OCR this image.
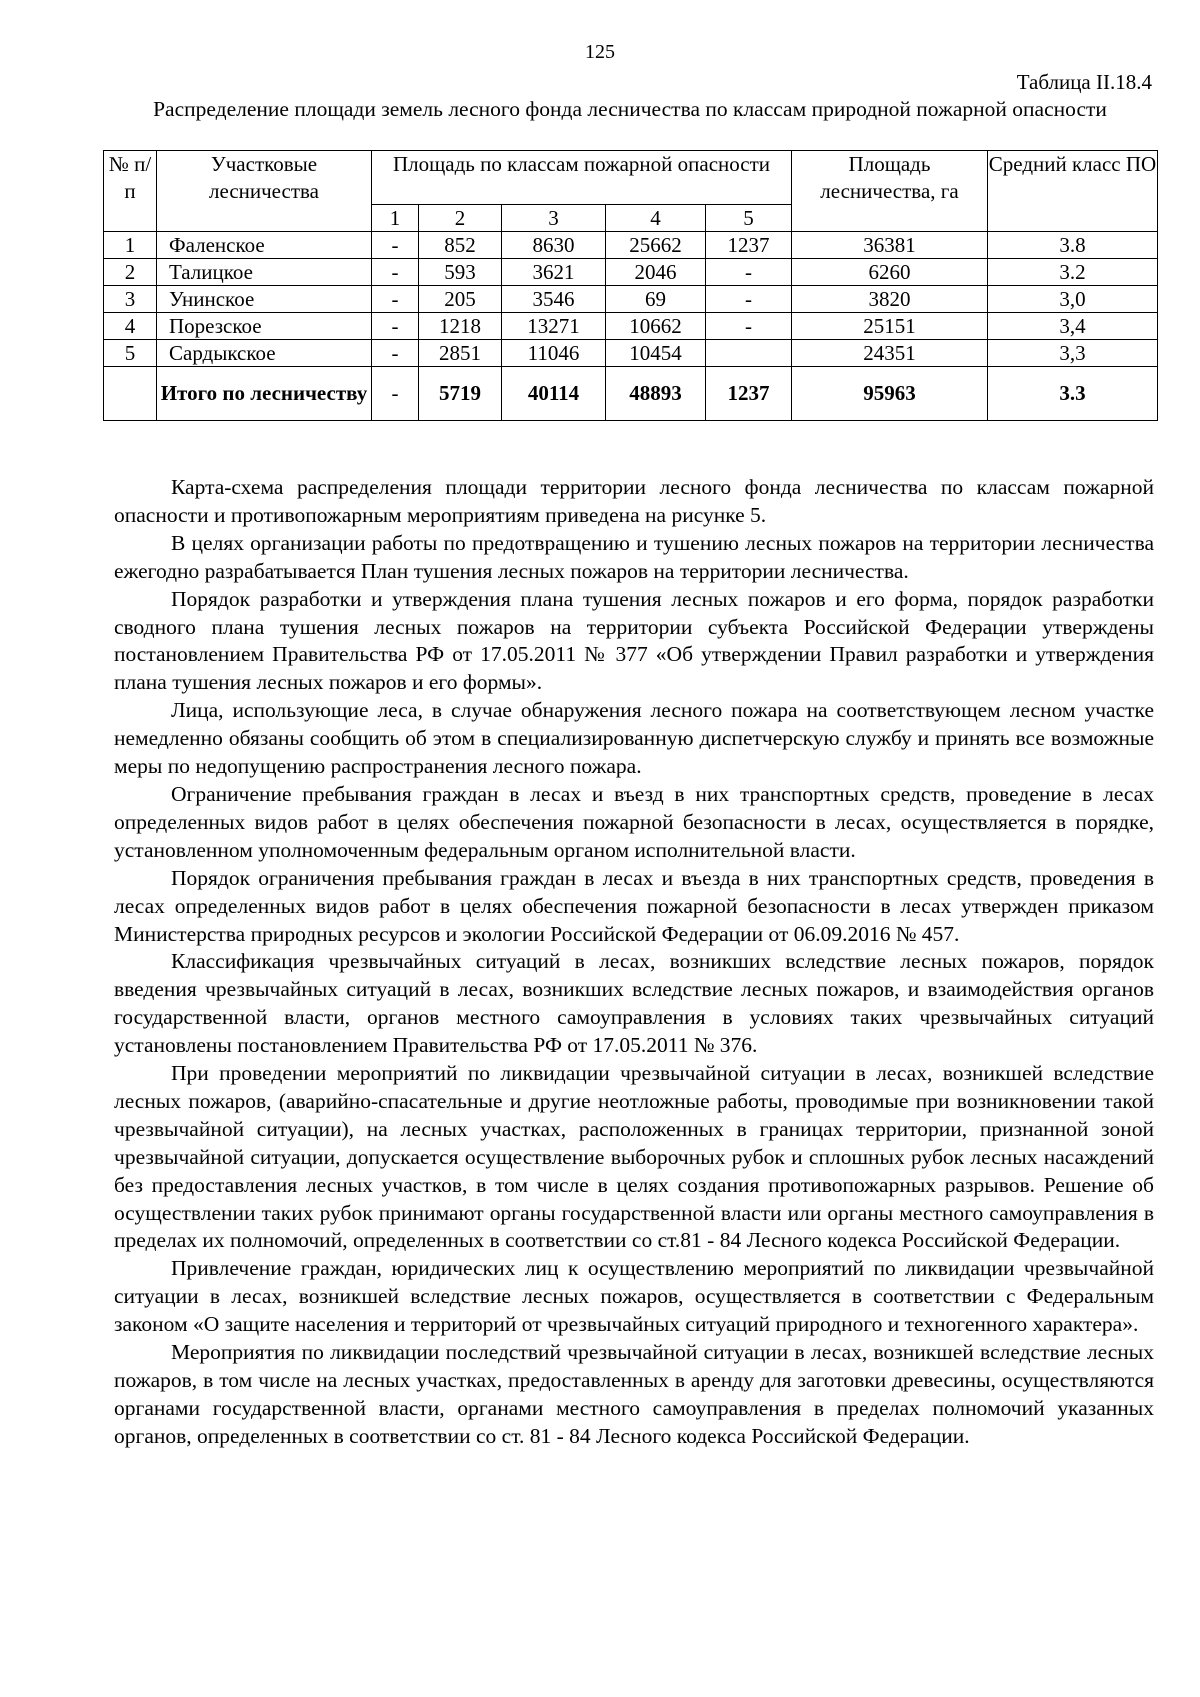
125
Таблица II.18.4
Распределение площади земель лесного фонда лесничества по классам природной пожарной опасности
№ п/п	Участковые лесничества	Площадь по классам пожарной опасности					Площадь лесничества, га	Средний класс ПО
		1	2	3	4	5		
1	Фаленское	-	852	8630	25662	1237	36381	3.8
2	Талицкое	-	593	3621	2046	-	6260	3.2
3	Унинское	-	205	3546	69	-	3820	3,0
4	Порезское	-	1218	13271	10662	-	25151	3,4
5	Сардыкское	-	2851	11046	10454		24351	3,3
	Итого по лесничеству	-	5719	40114	48893	1237	95963	3.3

Карта-схема распределения площади территории лесного фонда лесничества по классам пожарной опасности и противопожарным мероприятиям приведена на рисунке 5.

В целях организации работы по предотвращению и тушению лесных пожаров на территории лесничества ежегодно разрабатывается План тушения лесных пожаров на территории лесничества.

Порядок разработки и утверждения плана тушения лесных пожаров и его форма, порядок разработки сводного плана тушения лесных пожаров на территории субъекта Российской Федерации утверждены постановлением Правительства РФ от 17.05.2011 № 377 «Об утверждении Правил разработки и утверждения плана тушения лесных пожаров и его формы».

Лица, использующие леса, в случае обнаружения лесного пожара на соответствующем лесном участке немедленно обязаны сообщить об этом в специализированную диспетчерскую службу и принять все возможные меры по недопущению распространения лесного пожара.

Ограничение пребывания граждан в лесах и въезд в них транспортных средств, проведение в лесах определенных видов работ в целях обеспечения пожарной безопасности в лесах, осуществляется в порядке, установленном уполномоченным федеральным органом исполнительной власти.

Порядок ограничения пребывания граждан в лесах и въезда в них транспортных средств, проведения в лесах определенных видов работ в целях обеспечения пожарной безопасности в лесах утвержден приказом Министерства природных ресурсов и экологии Российской Федерации от 06.09.2016 № 457.

Классификация чрезвычайных ситуаций в лесах, возникших вследствие лесных пожаров, порядок введения чрезвычайных ситуаций в лесах, возникших вследствие лесных пожаров, и взаимодействия органов государственной власти, органов местного самоуправления в условиях таких чрезвычайных ситуаций установлены постановлением Правительства РФ от 17.05.2011 № 376.

При проведении мероприятий по ликвидации чрезвычайной ситуации в лесах, возникшей вследствие лесных пожаров, (аварийно-спасательные и другие неотложные работы, проводимые при возникновении такой чрезвычайной ситуации), на лесных участках, расположенных в границах территории, признанной зоной чрезвычайной ситуации, допускается осуществление выборочных рубок и сплошных рубок лесных насаждений без предоставления лесных участков, в том числе в целях создания противопожарных разрывов. Решение об осуществлении таких рубок принимают органы государственной власти или органы местного самоуправления в пределах их полномочий, определенных в соответствии со ст.81 - 84 Лесного кодекса Российской Федерации.

Привлечение граждан, юридических лиц к осуществлению мероприятий по ликвидации чрезвычайной ситуации в лесах, возникшей вследствие лесных пожаров, осуществляется в соответствии с Федеральным законом «О защите населения и территорий от чрезвычайных ситуаций природного и техногенного характера».

Мероприятия по ликвидации последствий чрезвычайной ситуации в лесах, возникшей вследствие лесных пожаров, в том числе на лесных участках, предоставленных в аренду для заготовки древесины, осуществляются органами государственной власти, органами местного самоуправления в пределах полномочий указанных органов, определенных в соответствии со ст. 81 - 84 Лесного кодекса Российской Федерации.
